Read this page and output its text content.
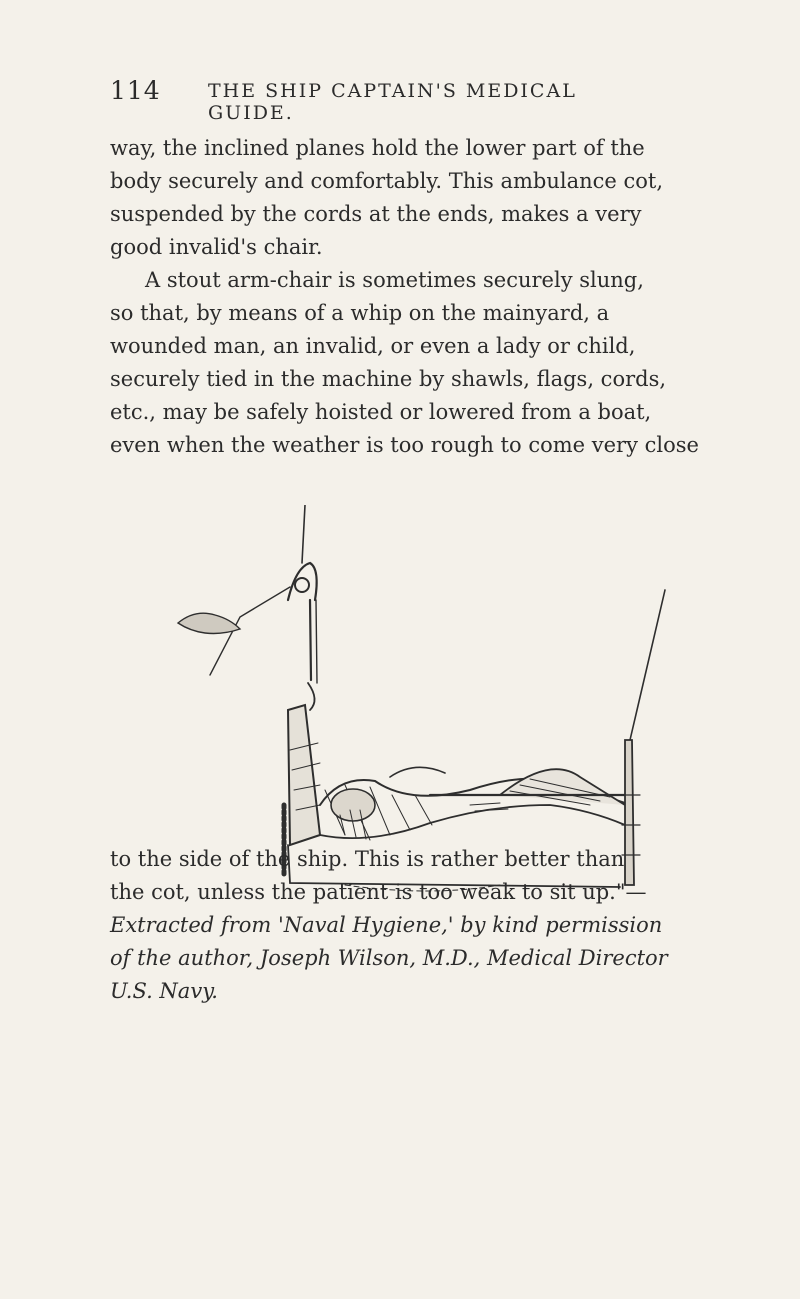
114 THE SHIP CAPTAIN'S MEDICAL GUIDE.
way, the inclined planes hold the lower part of the
body securely and comfortably. This ambulance cot,
suspended by the cords at the ends, makes a very
good invalid's chair.
A stout arm-chair is sometimes securely slung,
so that, by means of a whip on the mainyard, a
wounded man, an invalid, or even a lady or child,
securely tied in the machine by shawls, flags, cords,
etc., may be safely hoisted or lowered from a boat,
even when the weather is too rough to come very close
to the side of the ship. This is rather better than
the cot, unless the patient is too weak to sit up."—
Extracted from 'Naval Hygiene,' by kind permission
of the author, Joseph Wilson, M.D., Medical Director
U.S. Navy.
